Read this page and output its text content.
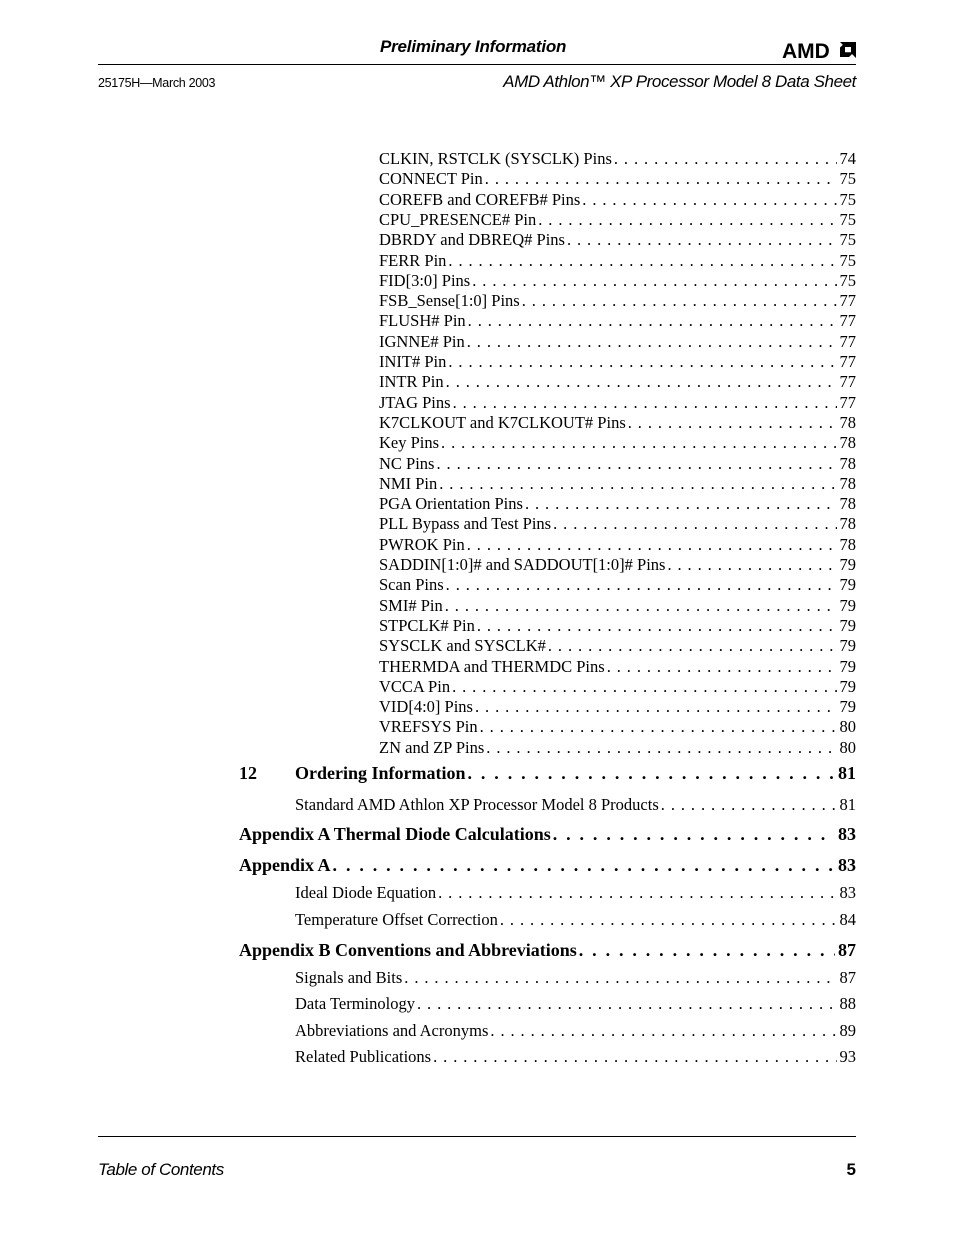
Preliminary Information	AMD
25175H—March 2003	AMD Athlon™ XP Processor Model 8 Data Sheet
CLKIN, RSTCLK (SYSCLK) Pins . . .	74
CONNECT Pin . . .	75
COREFB and COREFB# Pins . . .	75
CPU_PRESENCE# Pin . . .	75
DBRDY and DBREQ# Pins . . .	75
FERR Pin . . .	75
FID[3:0] Pins . . .	75
FSB_Sense[1:0] Pins . . .	77
FLUSH# Pin . . .	77
IGNNE# Pin . . .	77
INIT# Pin . . .	77
INTR Pin . . .	77
JTAG Pins . . .	77
K7CLKOUT and K7CLKOUT# Pins . . .	78
Key Pins . . .	78
NC Pins . . .	78
NMI Pin . . .	78
PGA Orientation Pins . . .	78
PLL Bypass and Test Pins . . .	78
PWROK Pin . . .	78
SADDIN[1:0]# and SADDOUT[1:0]# Pins . . .	79
Scan Pins . . .	79
SMI# Pin . . .	79
STPCLK# Pin . . .	79
SYSCLK and SYSCLK# . . .	79
THERMDA and THERMDC Pins . . .	79
VCCA Pin . . .	79
VID[4:0] Pins . . .	79
VREFSYS Pin . . .	80
ZN and ZP Pins . . .	80
12 Ordering Information . . .	81
Standard AMD Athlon XP Processor Model 8 Products . . .	81
Appendix A Thermal Diode Calculations . . .	83
Appendix A . . .	83
Ideal Diode Equation . . .	83
Temperature Offset Correction . . .	84
Appendix B Conventions and Abbreviations . . .	87
Signals and Bits . . .	87
Data Terminology . . .	88
Abbreviations and Acronyms . . .	89
Related Publications . . .	93
Table of Contents	5
